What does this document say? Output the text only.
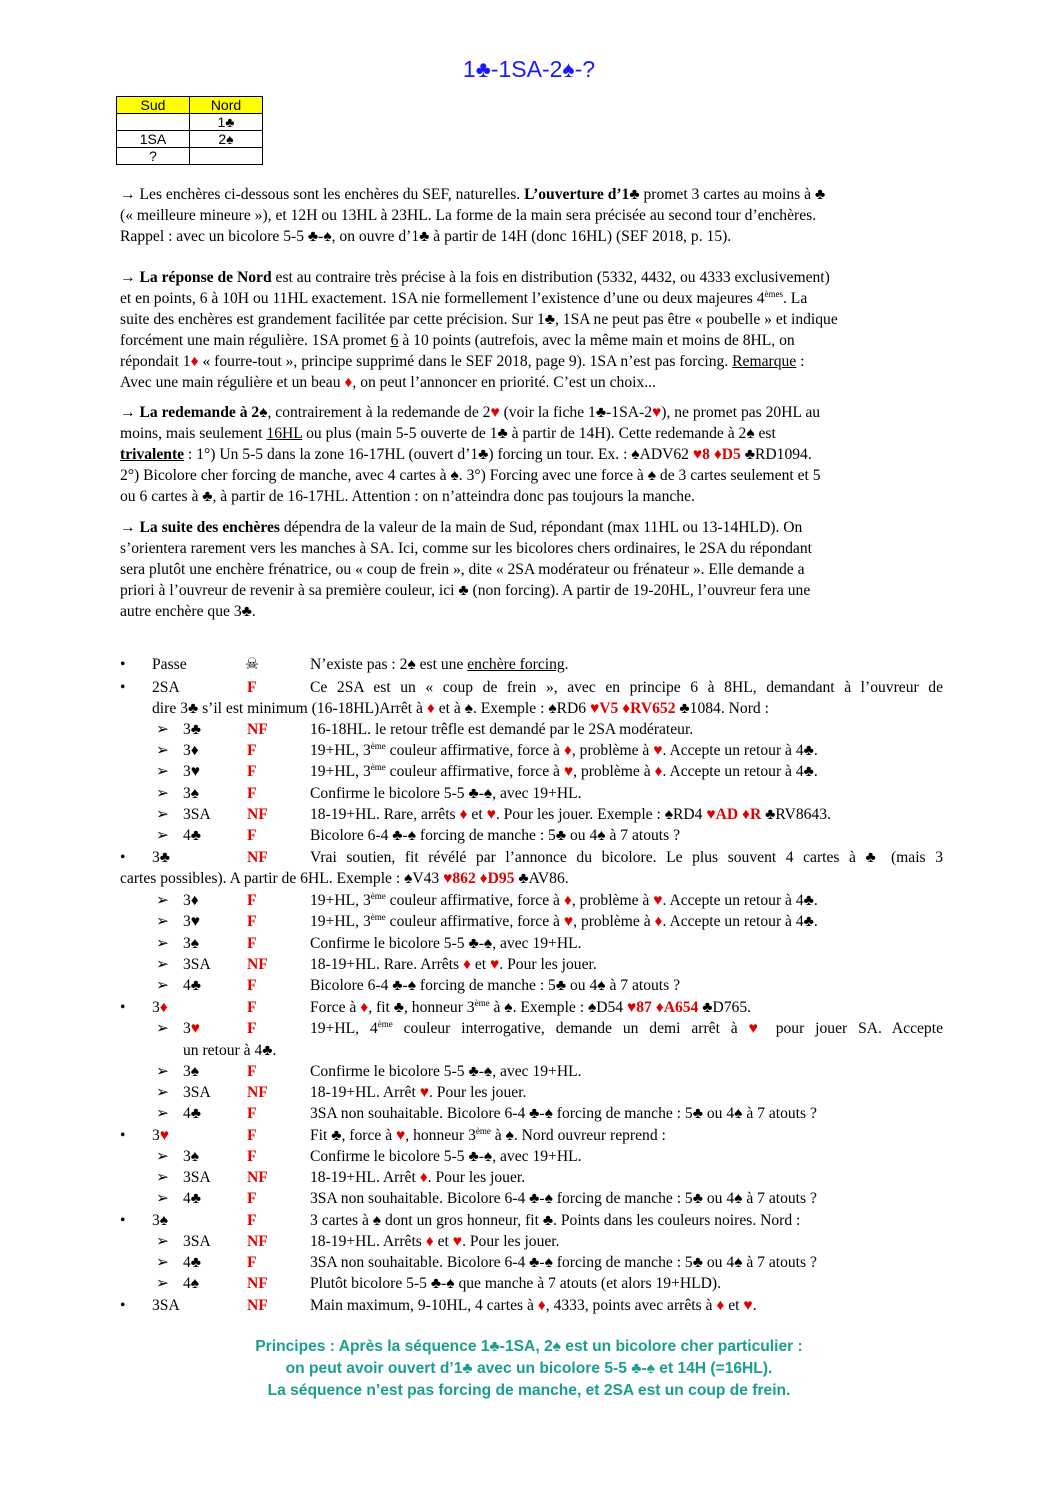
1♣-1SA-2♠-?
Sud	Nord
	1♣
1SA	2♠
?	
→ Les enchères ci-dessous sont les enchères du SEF, naturelles. L’ouverture d’1♣ promet 3 cartes au moins à ♣
(« meilleure mineure »), et 12H ou 13HL à 23HL. La forme de la main sera précisée au second tour d’enchères.
Rappel : avec un bicolore 5-5 ♣-♠, on ouvre d’1♣ à partir de 14H (donc 16HL) (SEF 2018, p. 15).
→ La réponse de Nord est au contraire très précise à la fois en distribution (5332, 4432, ou 4333 exclusivement)
et en points, 6 à 10H ou 11HL exactement. 1SA nie formellement l’existence d’une ou deux majeures 4èmes. La
suite des enchères est grandement facilitée par cette précision. Sur 1♣, 1SA ne peut pas être « poubelle » et indique
forcément une main régulière. 1SA promet 6 à 10 points (autrefois, avec la même main et moins de 8HL, on
répondait 1♦ « fourre-tout », principe supprimé dans le SEF 2018, page 9). 1SA n’est pas forcing. Remarque :
Avec une main régulière et un beau ♦, on peut l’annoncer en priorité. C’est un choix...
→ La redemande à 2♠, contrairement à la redemande de 2♥ (voir la fiche 1♣-1SA-2♥), ne promet pas 20HL au
moins, mais seulement 16HL ou plus (main 5-5 ouverte de 1♣ à partir de 14H). Cette redemande à 2♠ est
trivalente : 1°) Un 5-5 dans la zone 16-17HL (ouvert d’1♣) forcing un tour. Ex. : ♠ADV62 ♥8 ♦D5 ♣RD1094.
2°) Bicolore cher forcing de manche, avec 4 cartes à ♠. 3°) Forcing avec une force à ♠ de 3 cartes seulement et 5
ou 6 cartes à ♣, à partir de 16-17HL. Attention : on n’atteindra donc pas toujours la manche.
→ La suite des enchères dépendra de la valeur de la main de Sud, répondant (max 11HL ou 13-14HLD). On
s’orientera rarement vers les manches à SA. Ici, comme sur les bicolores chers ordinaires, le 2SA du répondant
sera plutôt une enchère frénatrice, ou « coup de frein », dite « 2SA modérateur ou frénateur ». Elle demande a
priori à l’ouvreur de revenir à sa première couleur, ici ♣ (non forcing). A partir de 19-20HL, l’ouvreur fera une
autre enchère que 3♣.
• Passe	☠	N’existe pas : 2♠ est une enchère forcing.
• 2SA	F	Ce 2SA est un « coup de frein », avec en principe 6 à 8HL, demandant à l’ouvreur de
dire 3♣ s’il est minimum (16-18HL)Arrêt à ♦ et à ♠. Exemple : ♠RD6 ♥V5 ♦RV652 ♣1084. Nord :
➢ 3♣	NF	16-18HL. le retour trêfle est demandé par le 2SA modérateur.
➢ 3♦	F	19+HL, 3ème couleur affirmative, force à ♦, problème à ♥. Accepte un retour à 4♣.
➢ 3♥	F	19+HL, 3ème couleur affirmative, force à ♥, problème à ♦. Accepte un retour à 4♣.
➢ 3♠	F	Confirme le bicolore 5-5 ♣-♠, avec 19+HL.
➢ 3SA NF	18-19+HL. Rare, arrêts ♦ et ♥. Pour les jouer. Exemple : ♠RD4 ♥AD ♦R ♣RV8643.
➢ 4♣	F	Bicolore 6-4 ♣-♠ forcing de manche : 5♣ ou 4♠ à 7 atouts ?
• 3♣	NF	Vrai soutien, fit révélé par l’annonce du bicolore. Le plus souvent 4 cartes à ♣ (mais 3
cartes possibles). A partir de 6HL. Exemple : ♠V43 ♥862 ♦D95 ♣AV86.
➢ 3♦	F	19+HL, 3ème couleur affirmative, force à ♦, problème à ♥. Accepte un retour à 4♣.
➢ 3♥	F	19+HL, 3ème couleur affirmative, force à ♥, problème à ♦. Accepte un retour à 4♣.
➢ 3♠	F	Confirme le bicolore 5-5 ♣-♠, avec 19+HL.
➢ 3SA NF	18-19+HL. Rare. Arrêts ♦ et ♥. Pour les jouer.
➢ 4♣	F	Bicolore 6-4 ♣-♠ forcing de manche : 5♣ ou 4♠ à 7 atouts ?
• 3♦	F	Force à ♦, fit ♣, honneur 3ème à ♠. Exemple : ♠D54 ♥87 ♦A654 ♣D765.
➢ 3♥	F	19+HL, 4ème couleur interrogative, demande un demi arrêt à ♥ pour jouer SA. Accepte
un retour à 4♣.
➢ 3♠	F	Confirme le bicolore 5-5 ♣-♠, avec 19+HL.
➢ 3SA NF	18-19+HL. Arrêt ♥. Pour les jouer.
➢ 4♣	F	3SA non souhaitable. Bicolore 6-4 ♣-♠ forcing de manche : 5♣ ou 4♠ à 7 atouts ?
• 3♥	F	Fit ♣, force à ♥, honneur 3ème à ♠. Nord ouvreur reprend :
➢ 3♠	F	Confirme le bicolore 5-5 ♣-♠, avec 19+HL.
➢ 3SA NF	18-19+HL. Arrêt ♦. Pour les jouer.
➢ 4♣	F	3SA non souhaitable. Bicolore 6-4 ♣-♠ forcing de manche : 5♣ ou 4♠ à 7 atouts ?
• 3♠	F	3 cartes à ♠ dont un gros honneur, fit ♣. Points dans les couleurs noires. Nord :
➢ 3SA NF	18-19+HL. Arrêts ♦ et ♥. Pour les jouer.
➢ 4♣	F	3SA non souhaitable. Bicolore 6-4 ♣-♠ forcing de manche : 5♣ ou 4♠ à 7 atouts ?
➢ 4♠	NF	Plutôt bicolore 5-5 ♣-♠ que manche à 7 atouts (et alors 19+HLD).
• 3SA	NF	Main maximum, 9-10HL, 4 cartes à ♦, 4333, points avec arrêts à ♦ et ♥.
Principes : Après la séquence 1♣-1SA, 2♠ est un bicolore cher particulier :
on peut avoir ouvert d’1♣ avec un bicolore 5-5 ♣-♠ et 14H (=16HL).
La séquence n’est pas forcing de manche, et 2SA est un coup de frein.
